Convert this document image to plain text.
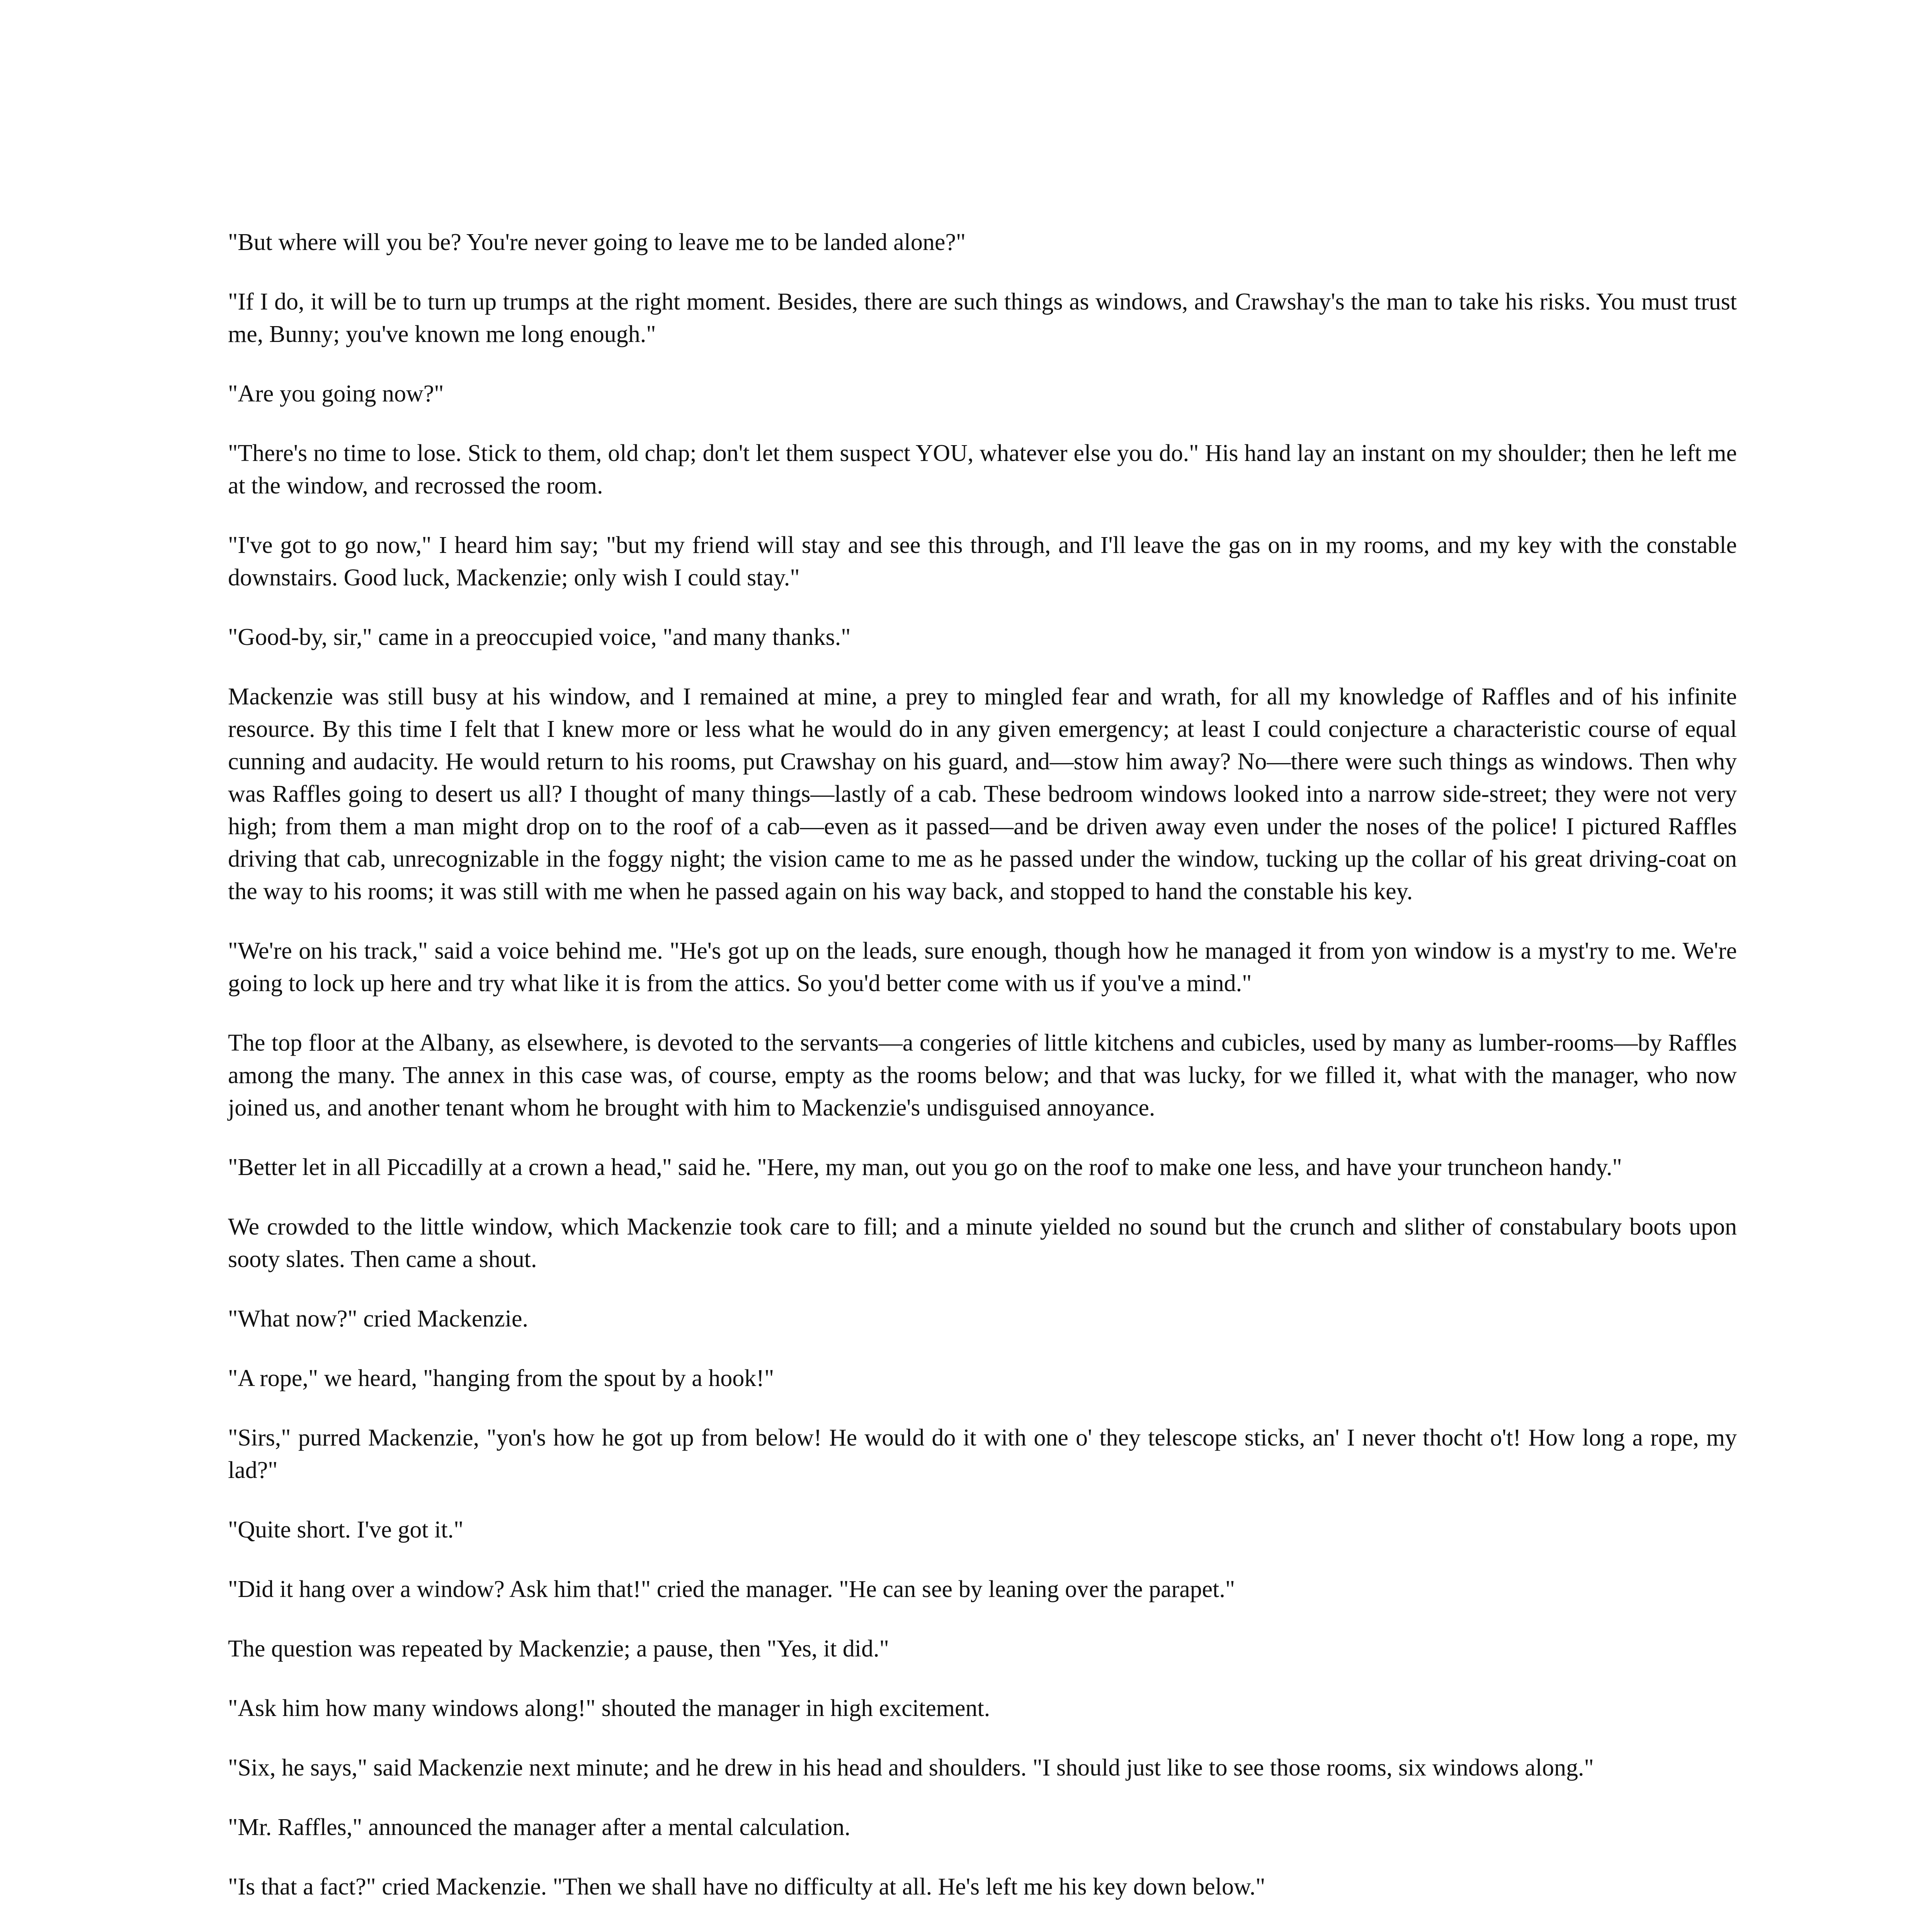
"But where will you be? You're never going to leave me to be landed alone?"

"If I do, it will be to turn up trumps at the right moment. Besides, there are such things as windows, and Crawshay's the man to take his risks. You must trust me, Bunny; you've known me long enough."

"Are you going now?"

"There's no time to lose. Stick to them, old chap; don't let them suspect YOU, whatever else you do." His hand lay an instant on my shoulder; then he left me at the window, and recrossed the room.

"I've got to go now," I heard him say; "but my friend will stay and see this through, and I'll leave the gas on in my rooms, and my key with the constable downstairs. Good luck, Mackenzie; only wish I could stay."

"Good-by, sir," came in a preoccupied voice, "and many thanks."

Mackenzie was still busy at his window, and I remained at mine, a prey to mingled fear and wrath, for all my knowledge of Raffles and of his infinite resource. By this time I felt that I knew more or less what he would do in any given emergency; at least I could conjecture a characteristic course of equal cunning and audacity. He would return to his rooms, put Crawshay on his guard, and—stow him away? No—there were such things as windows. Then why was Raffles going to desert us all? I thought of many things—lastly of a cab. These bedroom windows looked into a narrow side-street; they were not very high; from them a man might drop on to the roof of a cab—even as it passed—and be driven away even under the noses of the police! I pictured Raffles driving that cab, unrecognizable in the foggy night; the vision came to me as he passed under the window, tucking up the collar of his great driving-coat on the way to his rooms; it was still with me when he passed again on his way back, and stopped to hand the constable his key.

"We're on his track," said a voice behind me. "He's got up on the leads, sure enough, though how he managed it from yon window is a myst'ry to me. We're going to lock up here and try what like it is from the attics. So you'd better come with us if you've a mind."

The top floor at the Albany, as elsewhere, is devoted to the servants—a congeries of little kitchens and cubicles, used by many as lumber-rooms—by Raffles among the many. The annex in this case was, of course, empty as the rooms below; and that was lucky, for we filled it, what with the manager, who now joined us, and another tenant whom he brought with him to Mackenzie's undisguised annoyance.

"Better let in all Piccadilly at a crown a head," said he. "Here, my man, out you go on the roof to make one less, and have your truncheon handy."

We crowded to the little window, which Mackenzie took care to fill; and a minute yielded no sound but the crunch and slither of constabulary boots upon sooty slates. Then came a shout.

"What now?" cried Mackenzie.

"A rope," we heard, "hanging from the spout by a hook!"

"Sirs," purred Mackenzie, "yon's how he got up from below! He would do it with one o' they telescope sticks, an' I never thocht o't! How long a rope, my lad?"

"Quite short. I've got it."

"Did it hang over a window? Ask him that!" cried the manager. "He can see by leaning over the parapet."

The question was repeated by Mackenzie; a pause, then "Yes, it did."

"Ask him how many windows along!" shouted the manager in high excitement.

"Six, he says," said Mackenzie next minute; and he drew in his head and shoulders. "I should just like to see those rooms, six windows along."

"Mr. Raffles," announced the manager after a mental calculation.

"Is that a fact?" cried Mackenzie. "Then we shall have no difficulty at all. He's left me his key down below."
